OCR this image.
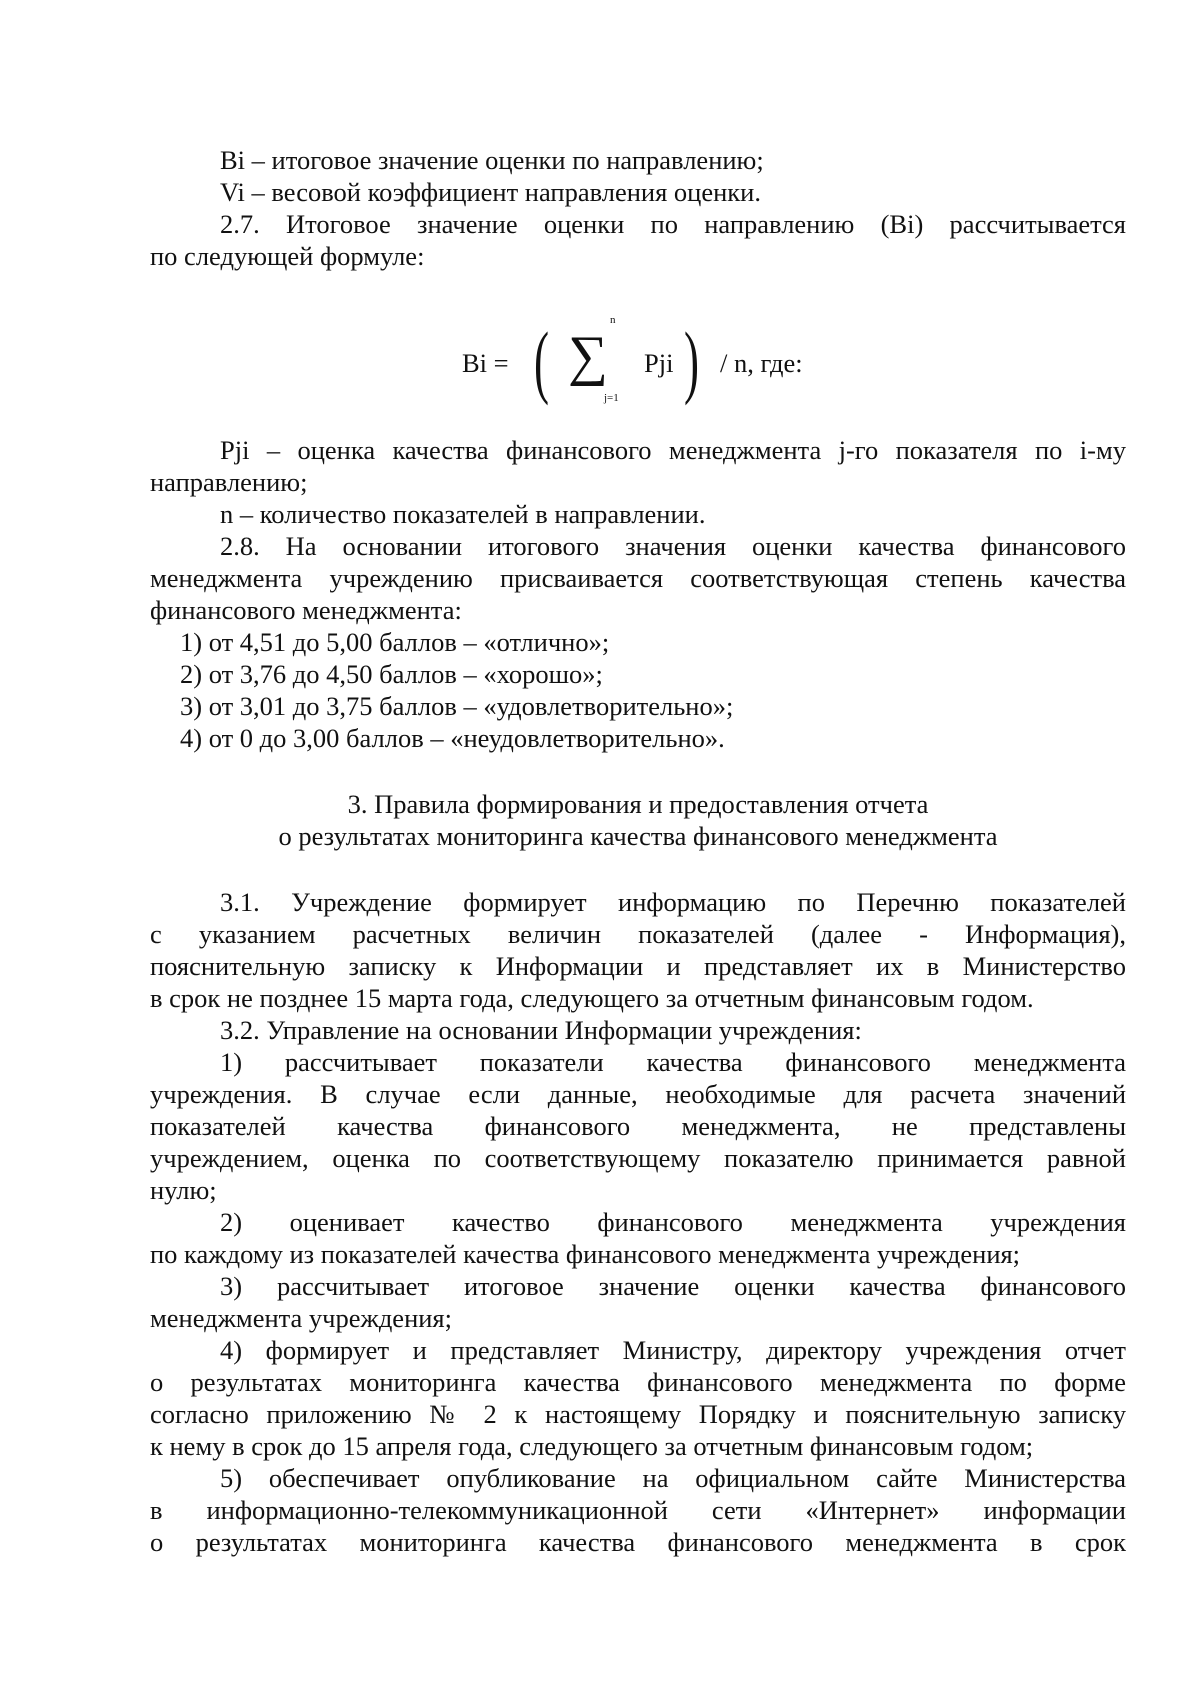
Bi – итоговое значение оценки по направлению;
Vi – весовой коэффициент направления оценки.
2.7. Итоговое значение оценки по направлению (Bi) рассчитывается
по следующей формуле:
Bi = ( ∑
n
j=1
Pji ) / n, где:
Pji – оценка качества финансового менеджмента j-го показателя по i-му
направлению;
n – количество показателей в направлении.
2.8. На основании итогового значения оценки качества финансового
менеджмента учреждению присваивается соответствующая степень качества
финансового менеджмента:
1) от 4,51 до 5,00 баллов – «отлично»;
2) от 3,76 до 4,50 баллов – «хорошо»;
3) от 3,01 до 3,75 баллов – «удовлетворительно»;
4) от 0 до 3,00 баллов – «неудовлетворительно».
3. Правила формирования и предоставления отчета
о результатах мониторинга качества финансового менеджмента
3.1. Учреждение формирует информацию по Перечню показателей
с указанием расчетных величин показателей (далее - Информация),
пояснительную записку к Информации и представляет их в Министерство
в срок не позднее 15 марта года, следующего за отчетным финансовым годом.
3.2. Управление на основании Информации учреждения:
1) рассчитывает показатели качества финансового менеджмента
учреждения. В случае если данные, необходимые для расчета значений
показателей качества финансового менеджмента, не представлены
учреждением, оценка по соответствующему показателю принимается равной
нулю;
2) оценивает качество финансового менеджмента учреждения
по каждому из показателей качества финансового менеджмента учреждения;
3) рассчитывает итоговое значение оценки качества финансового
менеджмента учреждения;
4) формирует и представляет Министру, директору учреждения отчет
о результатах мониторинга качества финансового менеджмента по форме
согласно приложению № 2 к настоящему Порядку и пояснительную записку
к нему в срок до 15 апреля года, следующего за отчетным финансовым годом;
5) обеспечивает опубликование на официальном сайте Министерства
в информационно-телекоммуникационной сети «Интернет» информации
о результатах мониторинга качества финансового менеджмента в срок
